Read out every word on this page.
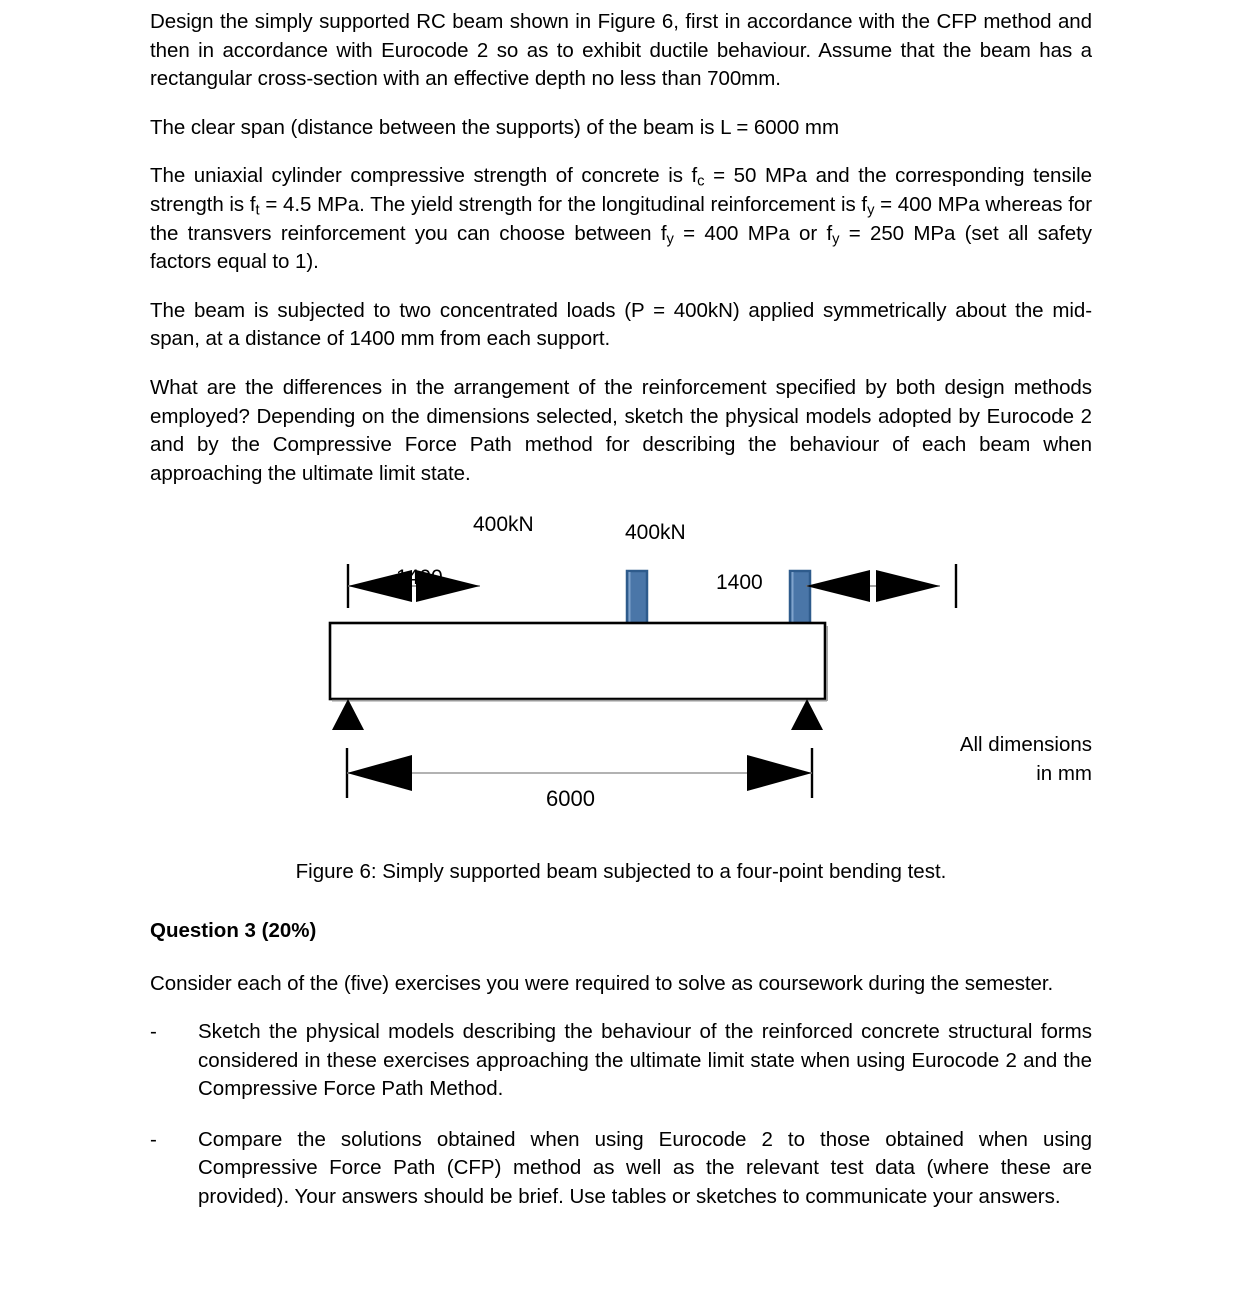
Design the simply supported RC beam shown in Figure 6, first in accordance with the CFP method and then in accordance with Eurocode 2 so as to exhibit ductile behaviour. Assume that the beam has a rectangular cross-section with an effective depth no less than 700mm.

The clear span (distance between the supports) of the beam is L = 6000 mm

The uniaxial cylinder compressive strength of concrete is $f_c = 50$ MPa and the corresponding tensile strength is $f_t = 4.5$ MPa. The yield strength for the longitudinal reinforcement is $f_y = 400$ MPa whereas for the transvers reinforcement you can choose between $f_y = 400$ MPa or $f_y = 250$ MPa (set all safety factors equal to 1).

The beam is subjected to two concentrated loads (P = 400kN) applied symmetrically about the mid-span, at a distance of 1400 mm from each support.

What are the differences in the arrangement of the reinforcement specified by both design methods employed? Depending on the dimensions selected, sketch the physical models adopted by Eurocode 2 and by the Compressive Force Path method for describing the behaviour of each beam when approaching the ultimate limit state.

400kN	400kN
1400	1400
6000
All dimensions
in mm

Figure 6: Simply supported beam subjected to a four-point bending test.

Question 3 (20%)

Consider each of the (five) exercises you were required to solve as coursework during the semester.

-	Sketch the physical models describing the behaviour of the reinforced concrete structural forms considered in these exercises approaching the ultimate limit state when using Eurocode 2 and the Compressive Force Path Method.
-	Compare the solutions obtained when using Eurocode 2 to those obtained when using Compressive Force Path (CFP) method as well as the relevant test data (where these are provided). Your answers should be brief. Use tables or sketches to communicate your answers.
